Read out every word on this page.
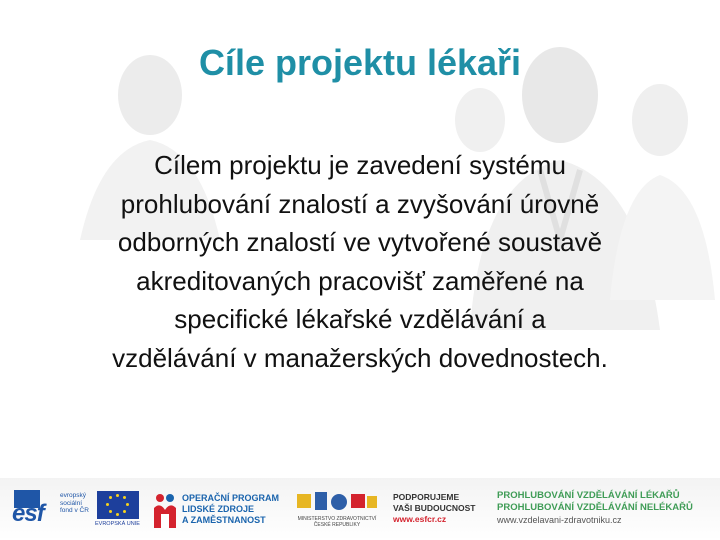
Cíle projektu lékaři
Cílem projektu je zavedení systému
prohlubování znalostí a zvyšování úrovně
odborných znalostí ve vytvořené soustavě
akreditovaných pracovišť zaměřené na
specifické lékařské vzdělávání a
vzdělávání v manažerských dovednostech.
esf
evropský
sociální
fond v ČR
EVROPSKÁ UNIE
OPERAČNÍ PROGRAM
LIDSKÉ ZDROJE
A ZAMĚSTNANOST	MINISTERSTVO ZDRAVOTNICTVÍ
ČESKÉ REPUBLIKY
PODPORUJEME
VAŠI BUDOUCNOST
www.esfcr.cz
PROHLUBOVÁNÍ VZDĚLÁVÁNÍ LÉKAŘŮ
PROHLUBOVÁNÍ VZDĚLÁVÁNÍ NELÉKAŘŮ
www.vzdelavani-zdravotniku.cz
